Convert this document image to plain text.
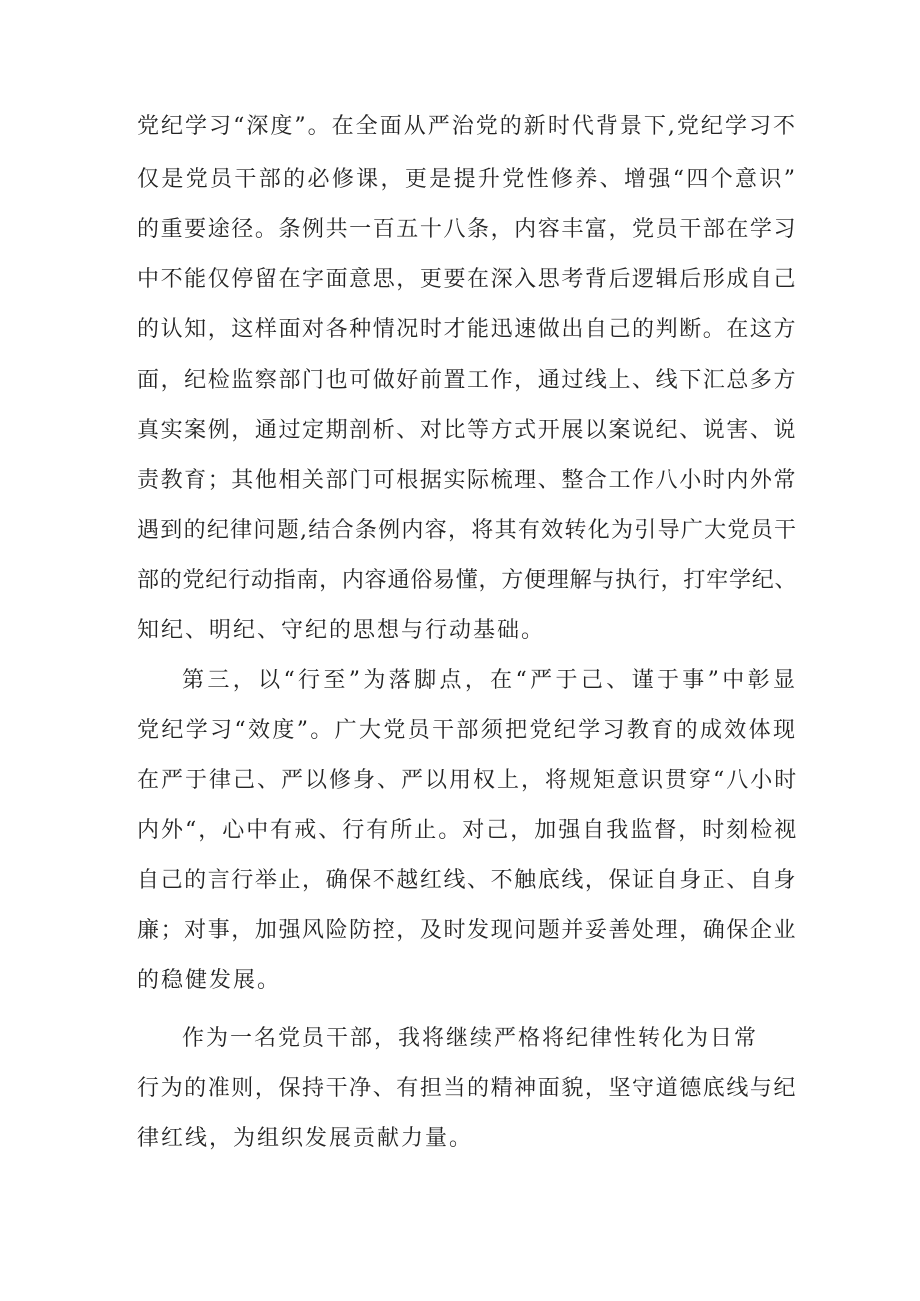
党纪学习“深度”。在全面从严治党的新时代背景下,党纪学习不
仅是党员干部的必修课，更是提升党性修养、增强“四个意识”
的重要途径。条例共一百五十八条，内容丰富，党员干部在学习
中不能仅停留在字面意思，更要在深入思考背后逻辑后形成自己
的认知，这样面对各种情况时才能迅速做出自己的判断。在这方
面，纪检监察部门也可做好前置工作，通过线上、线下汇总多方
真实案例，通过定期剖析、对比等方式开展以案说纪、说害、说
责教育；其他相关部门可根据实际梳理、整合工作八小时内外常
遇到的纪律问题,结合条例内容，将其有效转化为引导广大党员干
部的党纪行动指南，内容通俗易懂，方便理解与执行，打牢学纪、
知纪、明纪、守纪的思想与行动基础。
第三，以“行至”为落脚点，在“严于己、谨于事”中彰显
党纪学习“效度”。广大党员干部须把党纪学习教育的成效体现
在严于律己、严以修身、严以用权上，将规矩意识贯穿“八小时
内外“，心中有戒、行有所止。对己，加强自我监督，时刻检视
自己的言行举止，确保不越红线、不触底线，保证自身正、自身
廉；对事，加强风险防控，及时发现问题并妥善处理，确保企业
的稳健发展。
作为一名党员干部，我将继续严格将纪律性转化为日常
行为的准则，保持干净、有担当的精神面貌，坚守道德底线与纪
律红线，为组织发展贡献力量。
